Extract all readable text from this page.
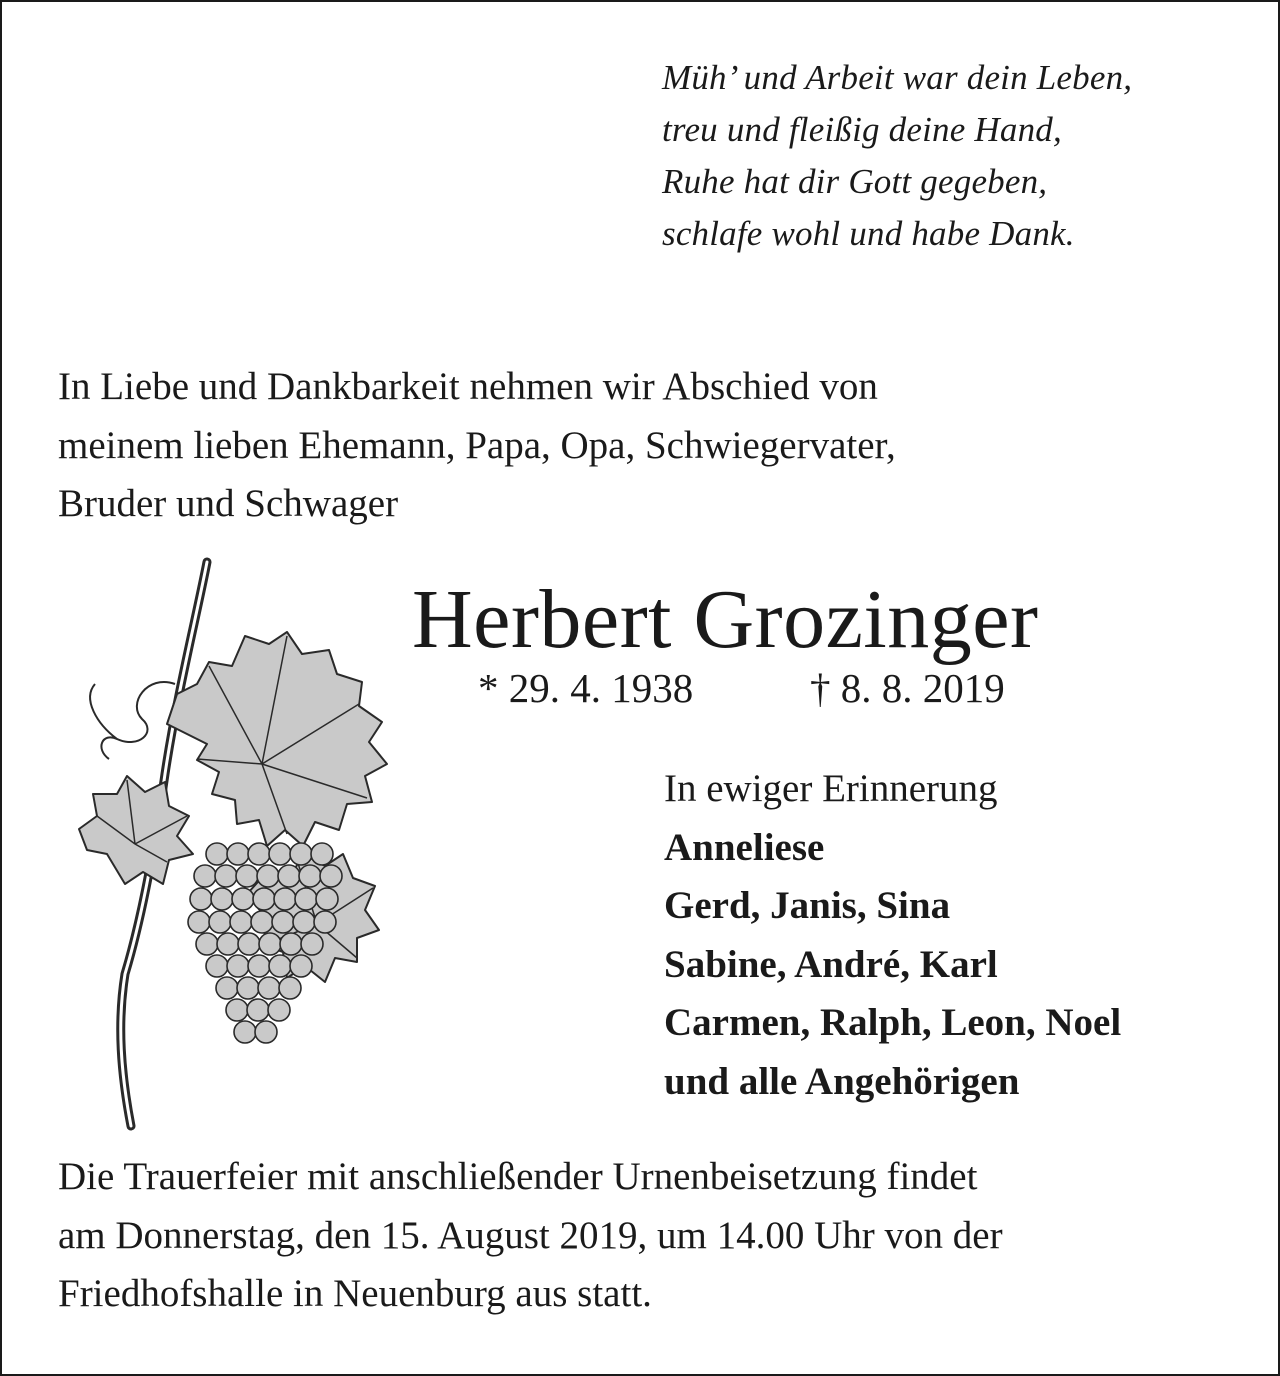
Müh’ und Arbeit war dein Leben,
treu und fleißig deine Hand,
Ruhe hat dir Gott gegeben,
schlafe wohl und habe Dank.
In Liebe und Dankbarkeit nehmen wir Abschied von
meinem lieben Ehemann, Papa, Opa, Schwiegervater,
Bruder und Schwager
Herbert Grozinger
* 29. 4. 1938	† 8. 8. 2019
In ewiger Erinnerung
Anneliese
Gerd, Janis, Sina
Sabine, André, Karl
Carmen, Ralph, Leon, Noel
und alle Angehörigen
Die Trauerfeier mit anschließender Urnenbeisetzung findet
am Donnerstag, den 15. August 2019, um 14.00 Uhr von der
Friedhofshalle in Neuenburg aus statt.
